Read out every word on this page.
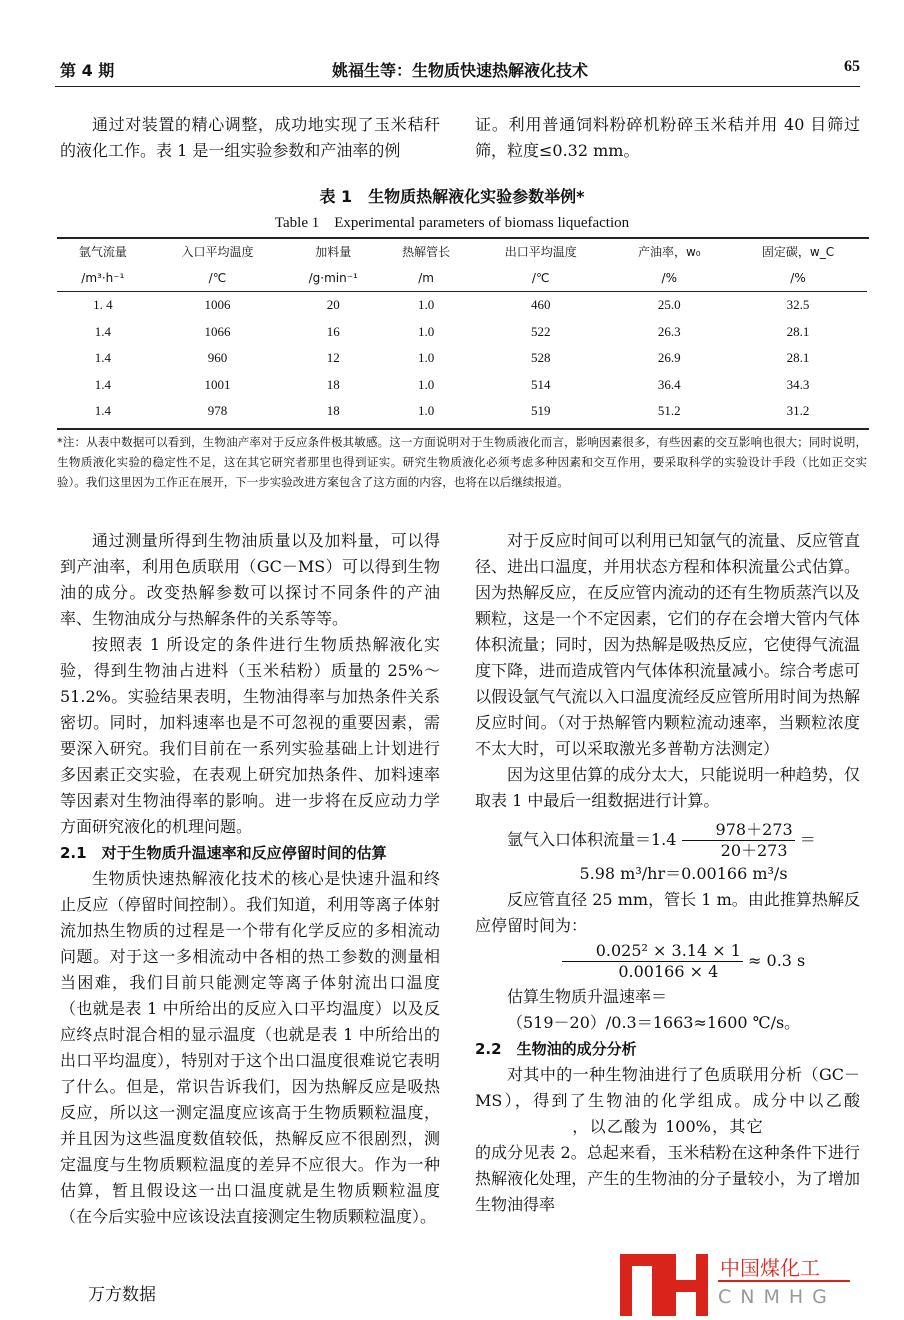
第 4 期	姚福生等：生物质快速热解液化技术	65

通过对装置的精心调整，成功地实现了玉米秸秆的液化工作。表 1 是一组实验参数和产油率的例

证。利用普通饲料粉碎机粉碎玉米秸并用 40 目筛过筛，粒度≤0.32 mm。

表 1　生物质热解液化实验参数举例*
Table 1　Experimental parameters of biomass liquefaction
氩气流量	入口平均温度	加料量	热解管长	出口平均温度	产油率，w₀	固定碳，w_C
/m³·h⁻¹	/℃	/g·min⁻¹	/m	/℃	/%	/%
1. 4	1006	20	1.0	460	25.0	32.5
1.4	1066	16	1.0	522	26.3	28.1
1.4	960	12	1.0	528	26.9	28.1
1.4	1001	18	1.0	514	36.4	34.3
1.4	978	18	1.0	519	51.2	31.2
*注：从表中数据可以看到，生物油产率对于反应条件极其敏感。这一方面说明对于生物质液化而言，影响因素很多，有些因素的交互影响也很大；同时说明，生物质液化实验的稳定性不足，这在其它研究者那里也得到证实。研究生物质液化必须考虑多种因素和交互作用，要采取科学的实验设计手段（比如正交实验）。我们这里因为工作正在展开，下一步实验改进方案包含了这方面的内容，也将在以后继续报道。

通过测量所得到生物油质量以及加料量，可以得到产油率，利用色质联用（GC－MS）可以得到生物油的成分。改变热解参数可以探讨不同条件的产油率、生物油成分与热解条件的关系等等。

按照表 1 所设定的条件进行生物质热解液化实验，得到生物油占进料（玉米秸粉）质量的 25%～51.2%。实验结果表明，生物油得率与加热条件关系密切。同时，加料速率也是不可忽视的重要因素，需要深入研究。我们目前在一系列实验基础上计划进行多因素正交实验，在表观上研究加热条件、加料速率等因素对生物油得率的影响。进一步将在反应动力学方面研究液化的机理问题。

2.1　对于生物质升温速率和反应停留时间的估算

生物质快速热解液化技术的核心是快速升温和终止反应（停留时间控制）。我们知道，利用等离子体射流加热生物质的过程是一个带有化学反应的多相流动问题。对于这一多相流动中各相的热工参数的测量相当困难，我们目前只能测定等离子体射流出口温度（也就是表 1 中所给出的反应入口平均温度）以及反应终点时混合相的显示温度（也就是表 1 中所给出的出口平均温度），特别对于这个出口温度很难说它表明了什么。但是，常识告诉我们，因为热解反应是吸热反应，所以这一测定温度应该高于生物质颗粒温度，并且因为这些温度数值较低，热解反应不很剧烈，测定温度与生物质颗粒温度的差异不应很大。作为一种估算，暂且假设这一出口温度就是生物质颗粒温度（在今后实验中应该设法直接测定生物质颗粒温度）。

对于反应时间可以利用已知氩气的流量、反应管直径、进出口温度，并用状态方程和体积流量公式估算。因为热解反应，在反应管内流动的还有生物质蒸汽以及颗粒，这是一个不定因素，它们的存在会增大管内气体体积流量；同时，因为热解是吸热反应，它使得气流温度下降，进而造成管内气体体积流量减小。综合考虑可以假设氩气气流以入口温度流经反应管所用时间为热解反应时间。（对于热解管内颗粒流动速率，当颗粒浓度不太大时，可以采取激光多普勒方法测定）

因为这里估算的成分太大，只能说明一种趋势，仅取表 1 中最后一组数据进行计算。

氩气入口体积流量$=1.4 \frac{978+273}{20+273}$ ＝

5.98 m³/hr＝0.00166 m³/s

反应管直径 25 mm，管长 1 m。由此推算热解反应停留时间为：

$\frac{\text{0.025² × 3.14 × 1}}{0.00166 \times 4} \approx 0.3$ s

估算生物质升温速率＝

（519－20）/0.3＝1663≈1600 ℃/s。

2.2　生物油的成分分析

对其中的一种生物油进行了色质联用分析（GC－MS），得到了生物油的化学组成。成分中以乙酸，以乙酸为 100%，其它的成分见表 2。总起来看，玉米秸粉在这种条件下进行热解液化处理，产生的生物油的分子量较小，为了增加生物油得率

中国煤化工
CNMHG
万方数据
